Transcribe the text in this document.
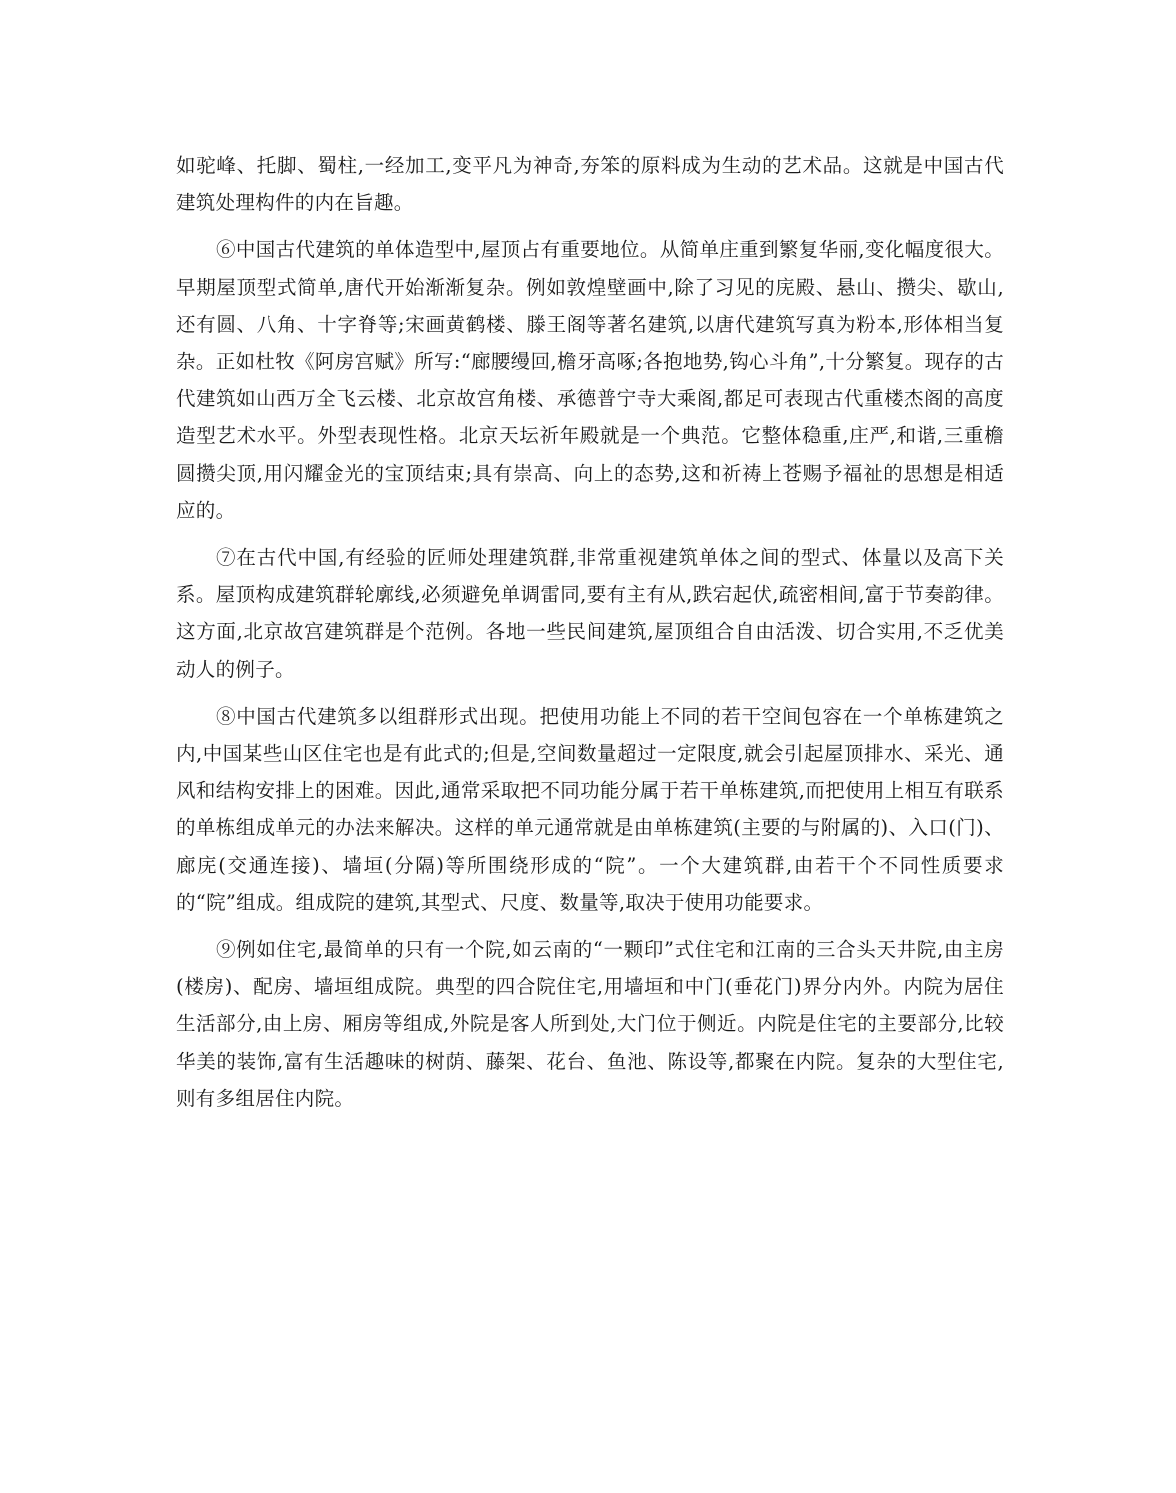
如驼峰、托脚、蜀柱,一经加工,变平凡为神奇,夯笨的原料成为生动的艺术品。这就是中国古代建筑处理构件的内在旨趣。

⑥中国古代建筑的单体造型中,屋顶占有重要地位。从简单庄重到繁复华丽,变化幅度很大。早期屋顶型式简单,唐代开始渐渐复杂。例如敦煌壁画中,除了习见的庑殿、悬山、攒尖、歇山,还有圆、八角、十字脊等;宋画黄鹤楼、滕王阁等著名建筑,以唐代建筑写真为粉本,形体相当复杂。正如杜牧《阿房宫赋》所写:“廊腰缦回,檐牙高啄;各抱地势,钩心斗角”,十分繁复。现存的古代建筑如山西万全飞云楼、北京故宫角楼、承德普宁寺大乘阁,都足可表现古代重楼杰阁的高度造型艺术水平。外型表现性格。北京天坛祈年殿就是一个典范。它整体稳重,庄严,和谐,三重檐圆攒尖顶,用闪耀金光的宝顶结束;具有崇高、向上的态势,这和祈祷上苍赐予福祉的思想是相适应的。

⑦在古代中国,有经验的匠师处理建筑群,非常重视建筑单体之间的型式、体量以及高下关系。屋顶构成建筑群轮廓线,必须避免单调雷同,要有主有从,跌宕起伏,疏密相间,富于节奏韵律。这方面,北京故宫建筑群是个范例。各地一些民间建筑,屋顶组合自由活泼、切合实用,不乏优美动人的例子。

⑧中国古代建筑多以组群形式出现。把使用功能上不同的若干空间包容在一个单栋建筑之内,中国某些山区住宅也是有此式的;但是,空间数量超过一定限度,就会引起屋顶排水、采光、通风和结构安排上的困难。因此,通常采取把不同功能分属于若干单栋建筑,而把使用上相互有联系的单栋组成单元的办法来解决。这样的单元通常就是由单栋建筑(主要的与附属的)、入口(门)、廊庑(交通连接)、墙垣(分隔)等所围绕形成的“院”。一个大建筑群,由若干个不同性质要求的“院”组成。组成院的建筑,其型式、尺度、数量等,取决于使用功能要求。

⑨例如住宅,最简单的只有一个院,如云南的“一颗印”式住宅和江南的三合头天井院,由主房(楼房)、配房、墙垣组成院。典型的四合院住宅,用墙垣和中门(垂花门)界分内外。内院为居住生活部分,由上房、厢房等组成,外院是客人所到处,大门位于侧近。内院是住宅的主要部分,比较华美的装饰,富有生活趣味的树荫、藤架、花台、鱼池、陈设等,都聚在内院。复杂的大型住宅,则有多组居住内院。
